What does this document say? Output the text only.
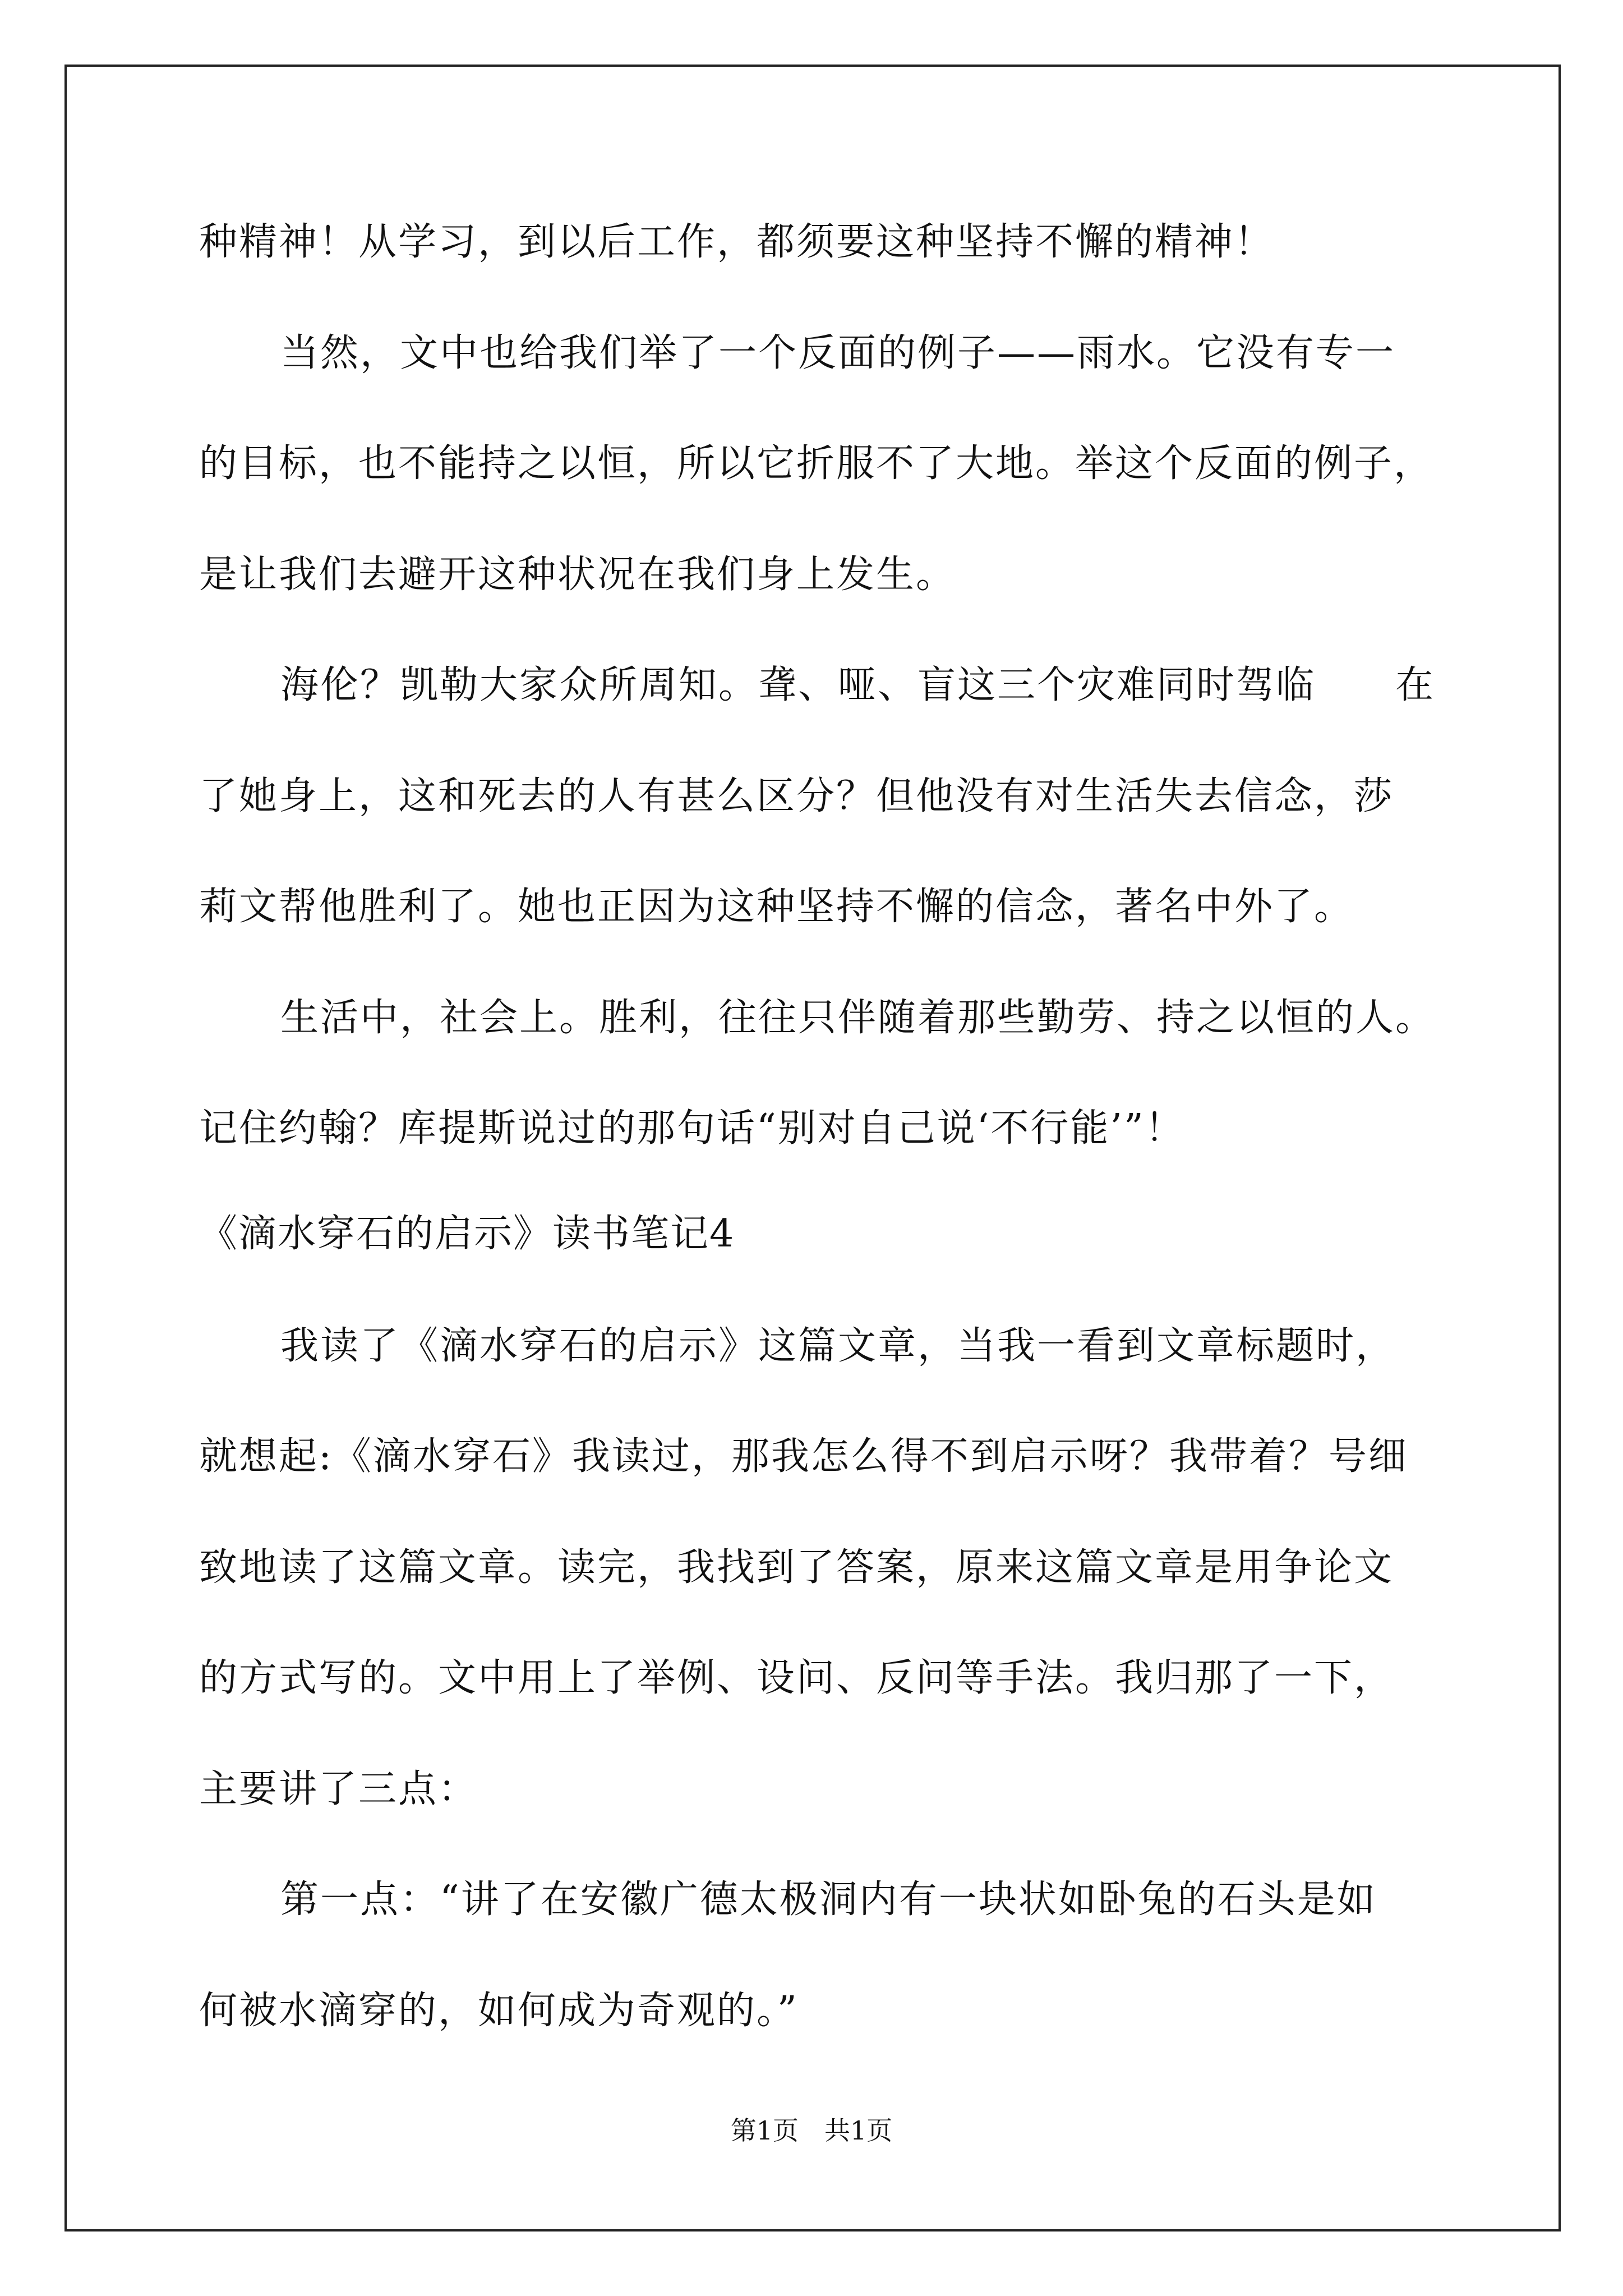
种精神！从学习，到以后工作，都须要这种坚持不懈的精神！
当然，文中也给我们举了一个反面的例子——雨水。它没有专一
的目标，也不能持之以恒，所以它折服不了大地。举这个反面的例子，
是让我们去避开这种状况在我们身上发生。
海伦？凯勒大家众所周知。聋、哑、盲这三个灾难同时驾临　　在
了她身上，这和死去的人有甚么区分？但他没有对生活失去信念，莎
莉文帮他胜利了。她也正因为这种坚持不懈的信念，著名中外了。
生活中，社会上。胜利，往往只伴随着那些勤劳、持之以恒的人。
记住约翰？库提斯说过的那句话“别对自己说‘不行能’”！
《滴水穿石的启示》读书笔记4
我读了《滴水穿石的启示》这篇文章，当我一看到文章标题时，
就想起:《滴水穿石》我读过，那我怎么得不到启示呀？我带着？号细
致地读了这篇文章。读完，我找到了答案，原来这篇文章是用争论文
的方式写的。文中用上了举例、设问、反问等手法。我归那了一下，
主要讲了三点：
第一点：“讲了在安徽广德太极洞内有一块状如卧兔的石头是如
何被水滴穿的，如何成为奇观的。”
第1页　共1页
